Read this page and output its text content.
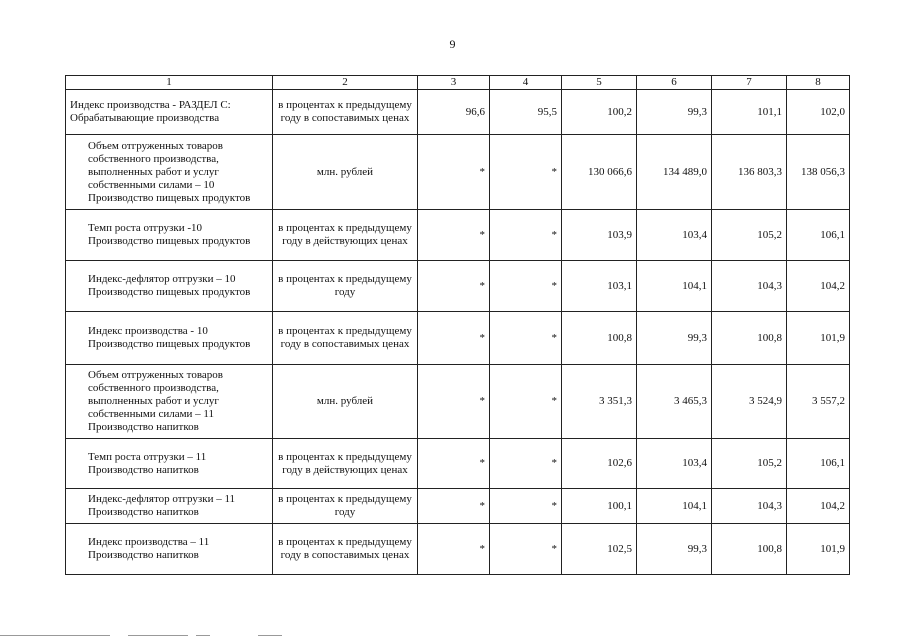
9
1	2	3	4	5	6	7	8
Индекс производства - РАЗДЕЛ С: Обрабатывающие производства	в процентах к предыдущему году в сопоставимых ценах	96,6	95,5	100,2	99,3	101,1	102,0
Объем отгруженных товаров собственного производства, выполненных работ и услуг собственными силами – 10 Производство пищевых продуктов	млн. рублей	*	*	130 066,6	134 489,0	136 803,3	138 056,3
Темп роста отгрузки -10 Производство пищевых продуктов	в процентах к предыдущему году в действующих ценах	*	*	103,9	103,4	105,2	106,1
Индекс-дефлятор отгрузки – 10 Производство пищевых продуктов	в процентах к предыдущему году	*	*	103,1	104,1	104,3	104,2
Индекс производства - 10 Производство пищевых продуктов	в процентах к предыдущему году в сопоставимых ценах	*	*	100,8	99,3	100,8	101,9
Объем отгруженных товаров собственного производства, выполненных работ и услуг собственными силами – 11 Производство напитков	млн. рублей	*	*	3 351,3	3 465,3	3 524,9	3 557,2
Темп роста отгрузки – 11 Производство напитков	в процентах к предыдущему году в действующих ценах	*	*	102,6	103,4	105,2	106,1
Индекс-дефлятор отгрузки – 11 Производство напитков	в процентах к предыдущему году	*	*	100,1	104,1	104,3	104,2
Индекс производства – 11 Производство напитков	в процентах к предыдущему году в сопоставимых ценах	*	*	102,5	99,3	100,8	101,9
